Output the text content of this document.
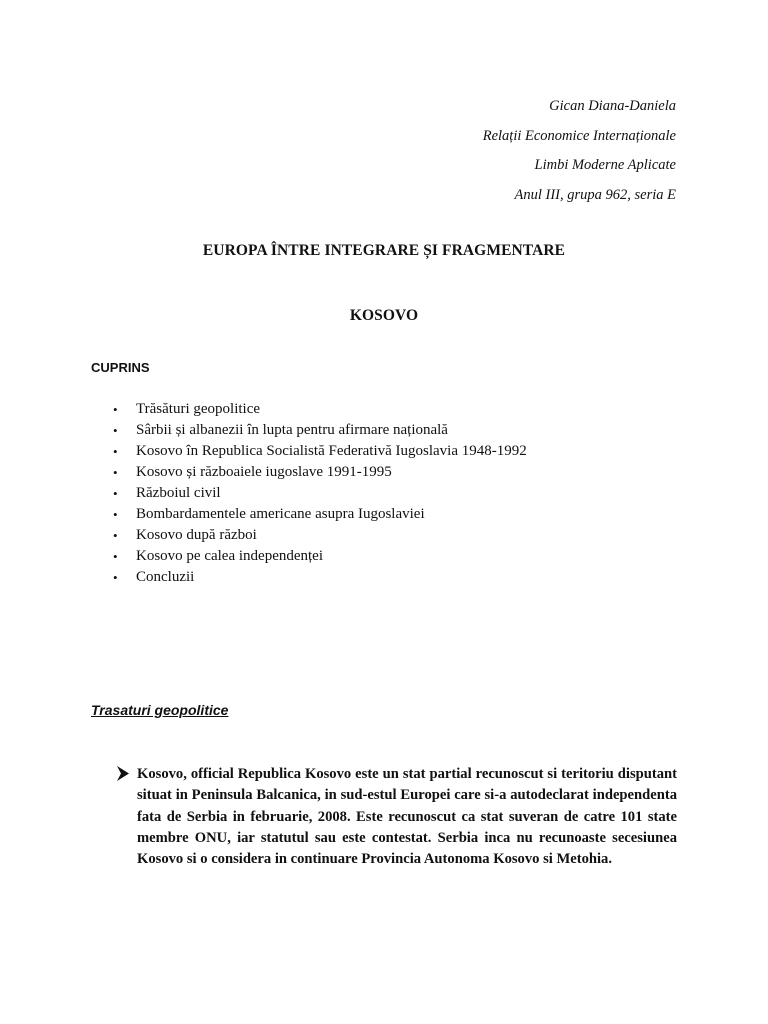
Gican Diana-Daniela
Relații Economice Internaționale
Limbi Moderne Aplicate
Anul III, grupa 962, seria E
EUROPA ÎNTRE INTEGRARE ȘI FRAGMENTARE
KOSOVO
CUPRINS
• Trăsături geopolitice
• Sârbii și albanezii în lupta pentru afirmare națională
• Kosovo în Republica Socialistă Federativă Iugoslavia 1948-1992
• Kosovo și războaiele iugoslave 1991-1995
• Războiul civil
• Bombardamentele americane asupra Iugoslaviei
• Kosovo după război
• Kosovo pe calea independenței
• Concluzii
Trasaturi geopolitice

Kosovo, official Republica Kosovo este un stat partial recunoscut si teritoriu disputant situat in Peninsula Balcanica, in sud-estul Europei care si-a autodeclarat independenta fata de Serbia in februarie, 2008. Este recunoscut ca stat suveran de catre 101 state membre ONU, iar statutul sau este contestat. Serbia inca nu recunoaste secesiunea Kosovo si o considera in continuare Provincia Autonoma Kosovo si Metohia.
